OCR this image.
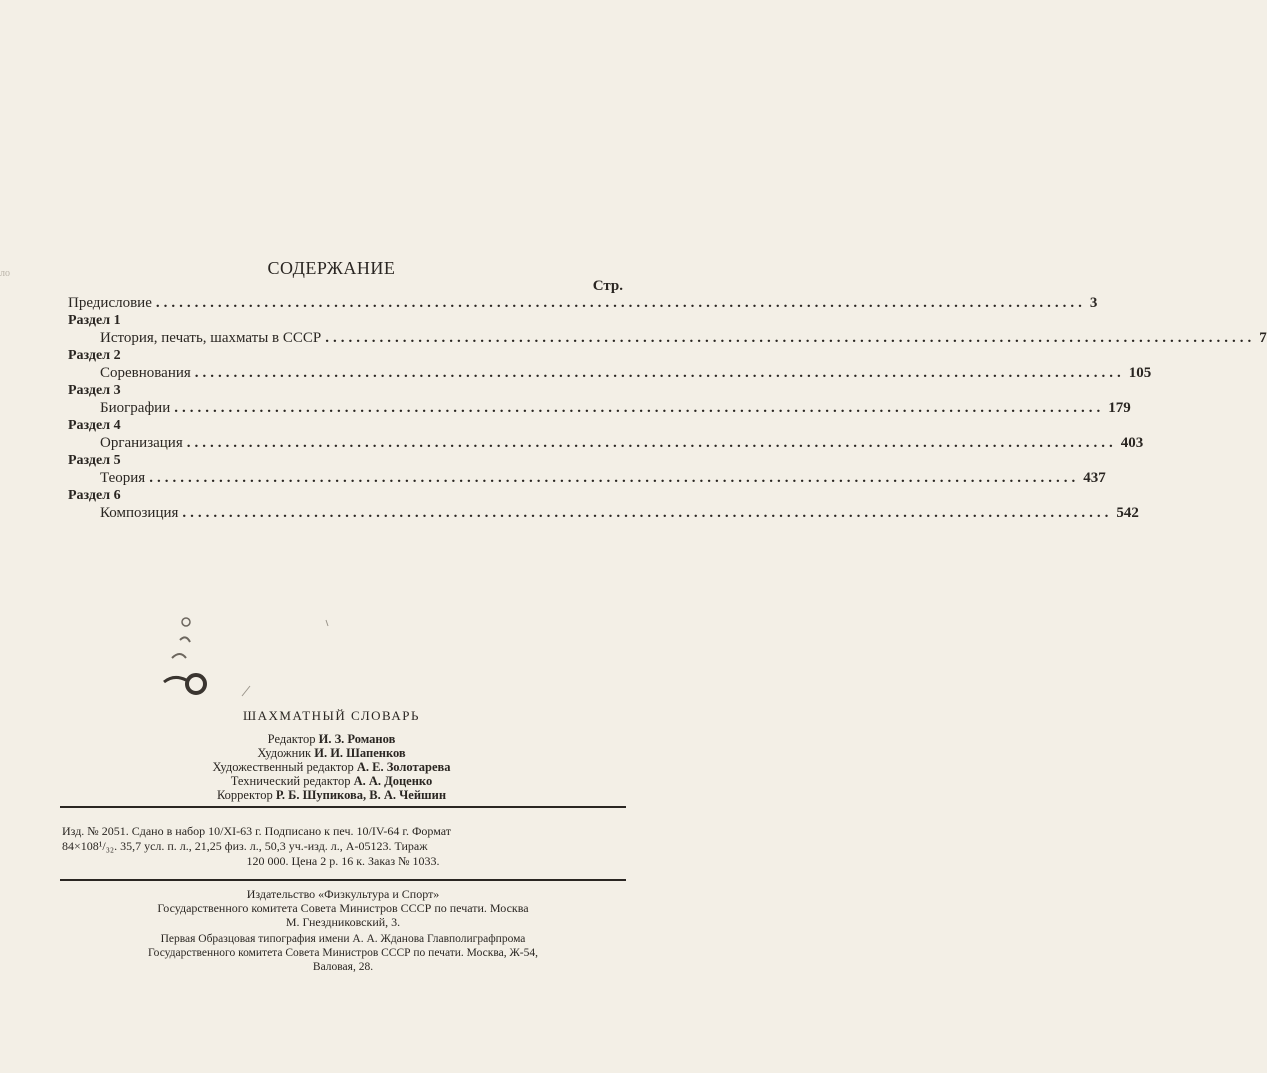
СОДЕРЖАНИЕ
Стр.
Предисловие ........................................................................................................................ 3
Раздел 1
История, печать, шахматы в СССР ........................................................................................................................ 7
Раздел 2
Соревнования ........................................................................................................................ 105
Раздел 3
Биографии ........................................................................................................................ 179
Раздел 4
Организация ........................................................................................................................ 403
Раздел 5
Теория ........................................................................................................................ 437
Раздел 6
Композиция ........................................................................................................................ 542
ло
ШАХМАТНЫЙ СЛОВАРЬ
Редактор И. З. Романов
Художник И. И. Шапенков
Художественный редактор А. Е. Золотарева
Технический редактор А. А. Доценко
Корректор Р. Б. Шупикова, В. А. Чейшин
Изд. № 2051. Сдано в набор 10/XI-63 г. Подписано к печ. 10/IV-64 г. Формат
84×108¹/₃₂. 35,7 усл. п. л., 21,25 физ. л., 50,3 уч.-изд. л., А-05123. Тираж
120 000. Цена 2 р. 16 к. Заказ № 1033.
Издательство «Физкультура и Спорт»
Государственного комитета Совета Министров СССР по печати. Москва
М. Гнездниковский, 3.
Первая Образцовая типография имени А. А. Жданова Главполиграфпрома
Государственного комитета Совета Министров СССР по печати. Москва, Ж-54,
Валовая, 28.
